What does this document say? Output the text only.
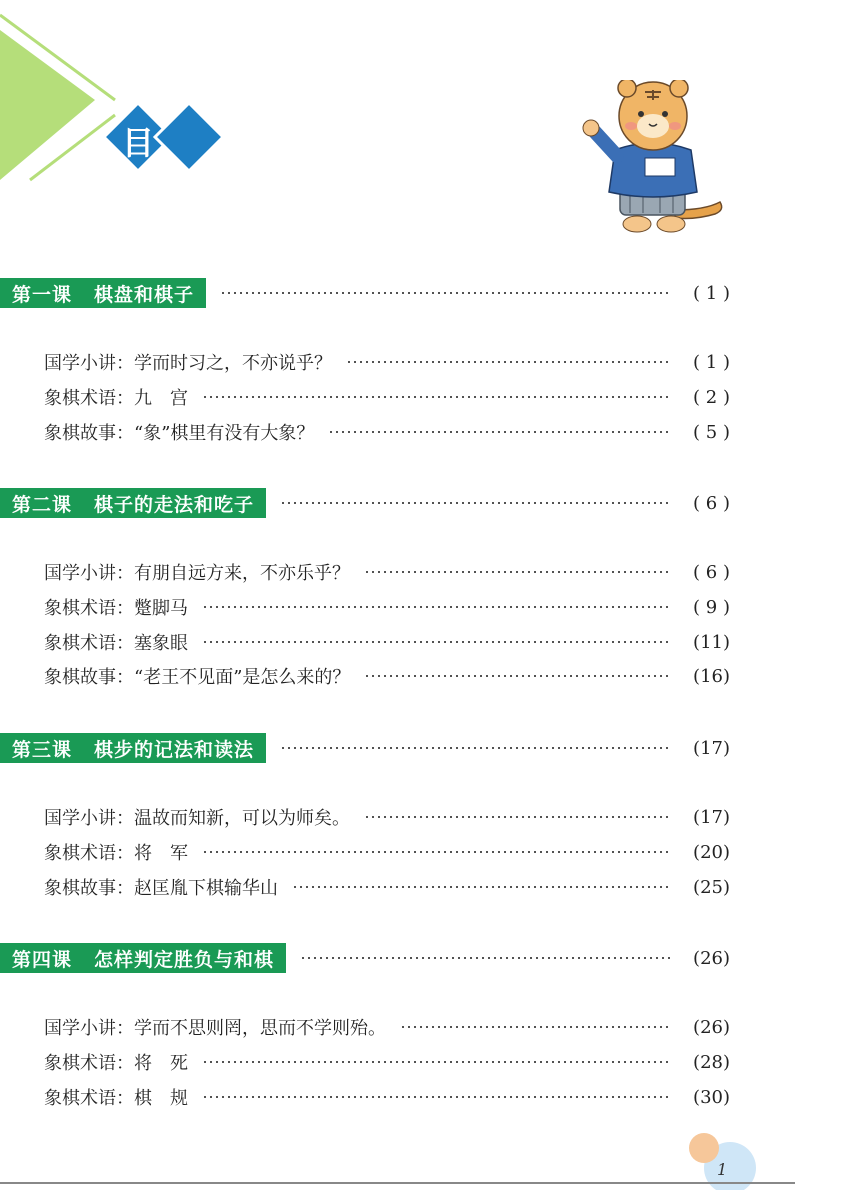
目录
第一课 棋盘和棋子	( 1 )
国学小讲： 学而时习之，不亦说乎？	( 1 )
象棋术语： 九　宫	( 2 )
象棋故事： “象”棋里有没有大象？	( 5 )
第二课 棋子的走法和吃子	( 6 )
国学小讲： 有朋自远方来，不亦乐乎？	( 6 )
象棋术语： 蹩脚马	( 9 )
象棋术语： 塞象眼	(11)
象棋故事： “老王不见面”是怎么来的？	(16)
第三课 棋步的记法和读法	(17)
国学小讲： 温故而知新，可以为师矣。	(17)
象棋术语： 将　军	(20)
象棋故事： 赵匡胤下棋输华山	(25)
第四课 怎样判定胜负与和棋	(26)
国学小讲： 学而不思则罔，思而不学则殆。	(26)
象棋术语： 将　死	(28)
象棋术语： 棋　规	(30)
1
